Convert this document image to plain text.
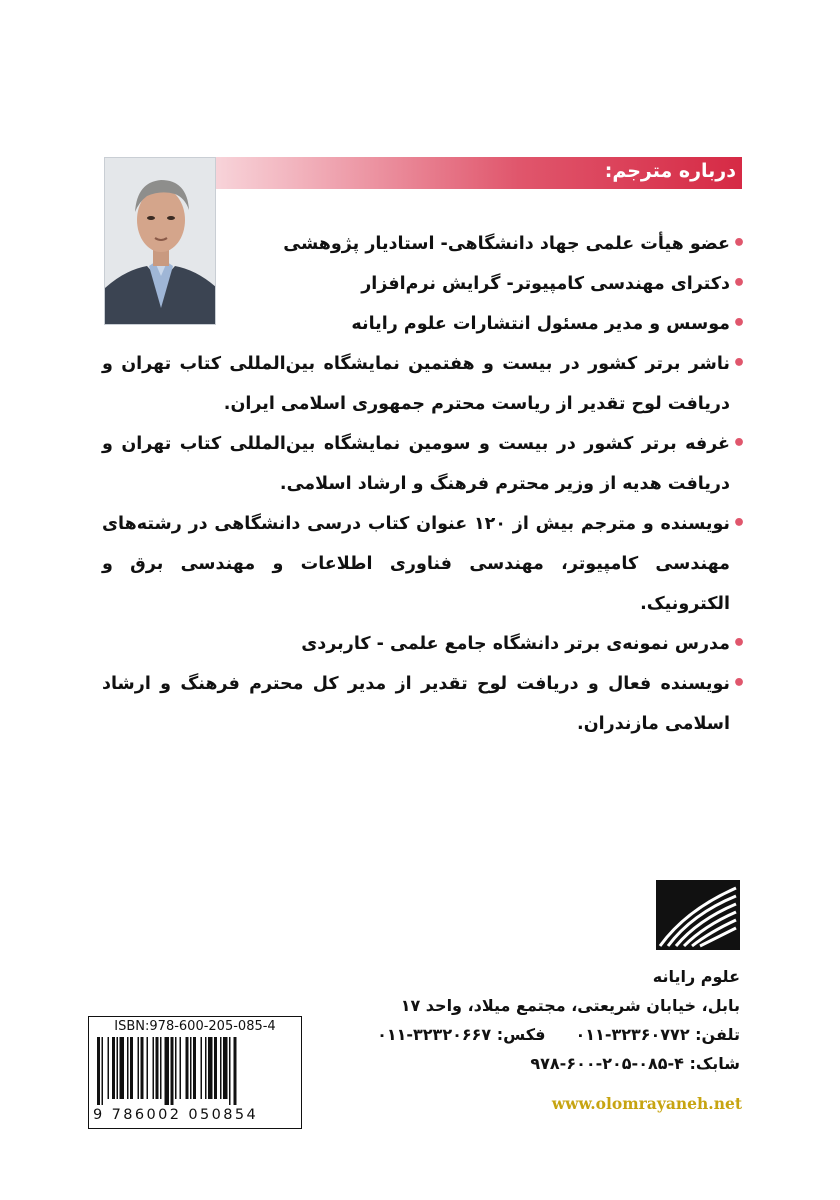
درباره مترجم:
•
عضو هیأت علمی جهاد دانشگاهی- استادیار پژوهشی
•
دکترای مهندسی کامپیوتر- گرایش نرم‌افزار
•
موسس و مدیر مسئول انتشارات علوم رایانه
•
ناشر برتر کشور در بیست و هفتمین نمایشگاه بین‌المللی کتاب تهران و دریافت لوح تقدیر از ریاست محترم جمهوری اسلامی ایران.
•
غرفه برتر کشور در بیست و سومین نمایشگاه بین‌المللی کتاب تهران و دریافت هدیه از وزیر محترم فرهنگ و ارشاد اسلامی.
•
نویسنده و مترجم بیش از ۱۲۰ عنوان کتاب درسی دانشگاهی در رشته‌های مهندسی کامپیوتر، مهندسی فناوری اطلاعات و مهندسی برق و الکترونیک.
•
مدرس نمونه‌ی برتر دانشگاه جامع علمی - کاربردی
•
نویسنده فعال و دریافت لوح تقدیر از مدیر کل محترم فرهنگ و ارشاد اسلامی مازندران.
علوم رایانه
بابل، خیابان شریعتی، مجتمع میلاد، واحد ۱۷
تلفن: ۳۲۳۶۰۷۷۲-۰۱۱فکس: ۳۲۳۲۰۶۶۷-۰۱۱
شابک: ۴-۰۸۵-۲۰۵-۶۰۰-۹۷۸
www.olomrayaneh.net
ISBN:978-600-205-085-4
9 786002 050854
